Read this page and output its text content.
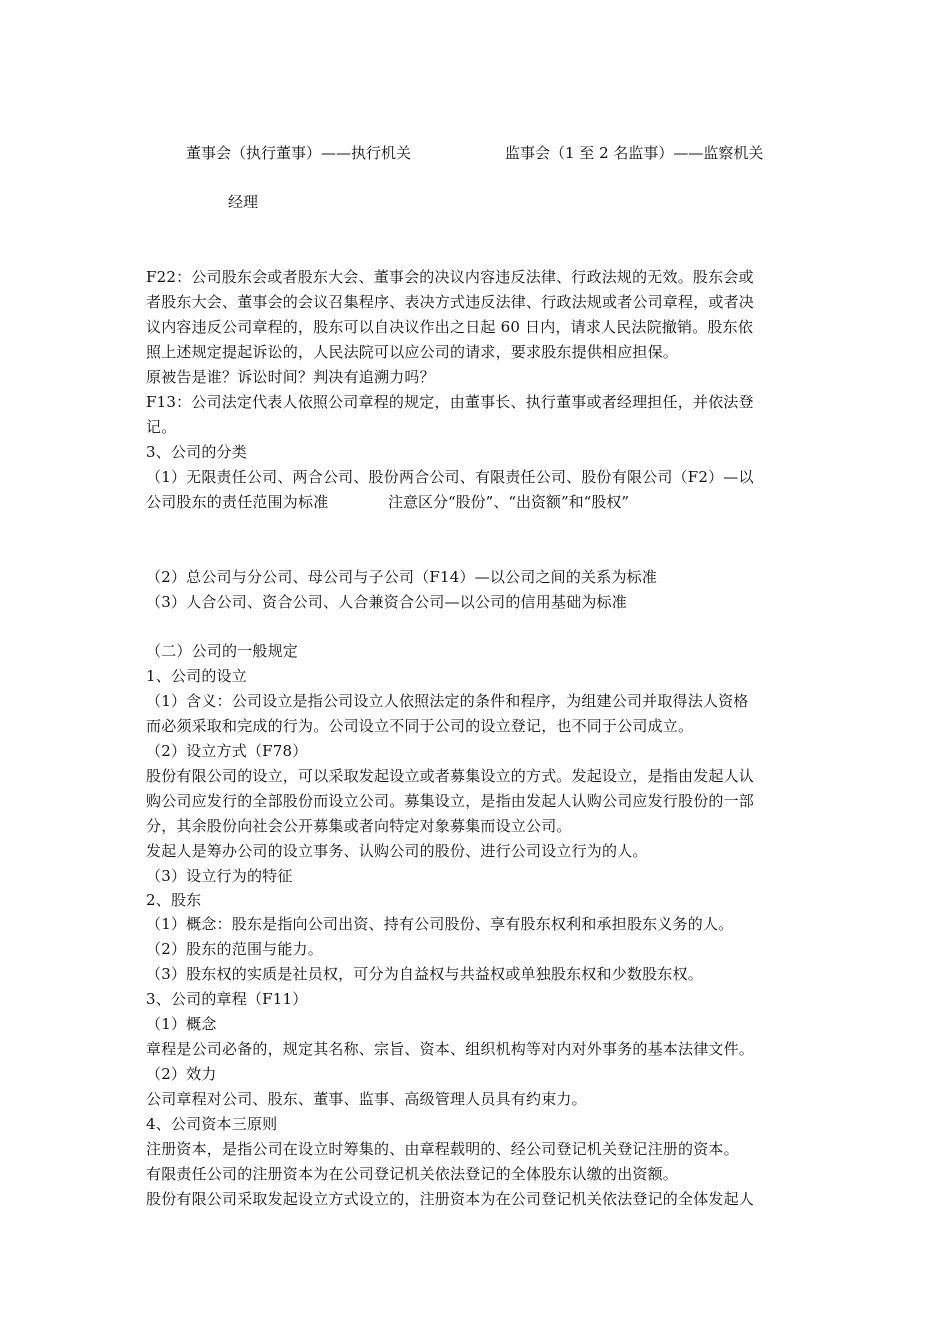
董事会（执行董事）——执行机关	监事会（1 至 2 名监事）——监察机关
经理
F22：公司股东会或者股东大会、董事会的决议内容违反法律、行政法规的无效。股东会或
者股东大会、董事会的会议召集程序、表决方式违反法律、行政法规或者公司章程，或者决
议内容违反公司章程的，股东可以自决议作出之日起 60 日内，请求人民法院撤销。股东依
照上述规定提起诉讼的，人民法院可以应公司的请求，要求股东提供相应担保。
原被告是谁？诉讼时间？判决有追溯力吗？
F13：公司法定代表人依照公司章程的规定，由董事长、执行董事或者经理担任，并依法登
记。
3、公司的分类
（1）无限责任公司、两合公司、股份两合公司、有限责任公司、股份有限公司（F2）—以
公司股东的责任范围为标准	注意区分“股份”、“出资额”和“股权”
（2）总公司与分公司、母公司与子公司（F14）—以公司之间的关系为标准
（3）人合公司、资合公司、人合兼资合公司—以公司的信用基础为标准
（二）公司的一般规定
1、公司的设立
（1）含义：公司设立是指公司设立人依照法定的条件和程序，为组建公司并取得法人资格
而必须采取和完成的行为。公司设立不同于公司的设立登记，也不同于公司成立。
（2）设立方式（F78）
股份有限公司的设立，可以采取发起设立或者募集设立的方式。发起设立，是指由发起人认
购公司应发行的全部股份而设立公司。募集设立，是指由发起人认购公司应发行股份的一部
分，其余股份向社会公开募集或者向特定对象募集而设立公司。
发起人是筹办公司的设立事务、认购公司的股份、进行公司设立行为的人。
（3）设立行为的特征
2、股东
（1）概念：股东是指向公司出资、持有公司股份、享有股东权利和承担股东义务的人。
（2）股东的范围与能力。
（3）股东权的实质是社员权，可分为自益权与共益权或单独股东权和少数股东权。
3、公司的章程（F11）
（1）概念
章程是公司必备的，规定其名称、宗旨、资本、组织机构等对内对外事务的基本法律文件。
（2）效力
公司章程对公司、股东、董事、监事、高级管理人员具有约束力。
4、公司资本三原则
注册资本，是指公司在设立时筹集的、由章程载明的、经公司登记机关登记注册的资本。
有限责任公司的注册资本为在公司登记机关依法登记的全体股东认缴的出资额。
股份有限公司采取发起设立方式设立的，注册资本为在公司登记机关依法登记的全体发起人
